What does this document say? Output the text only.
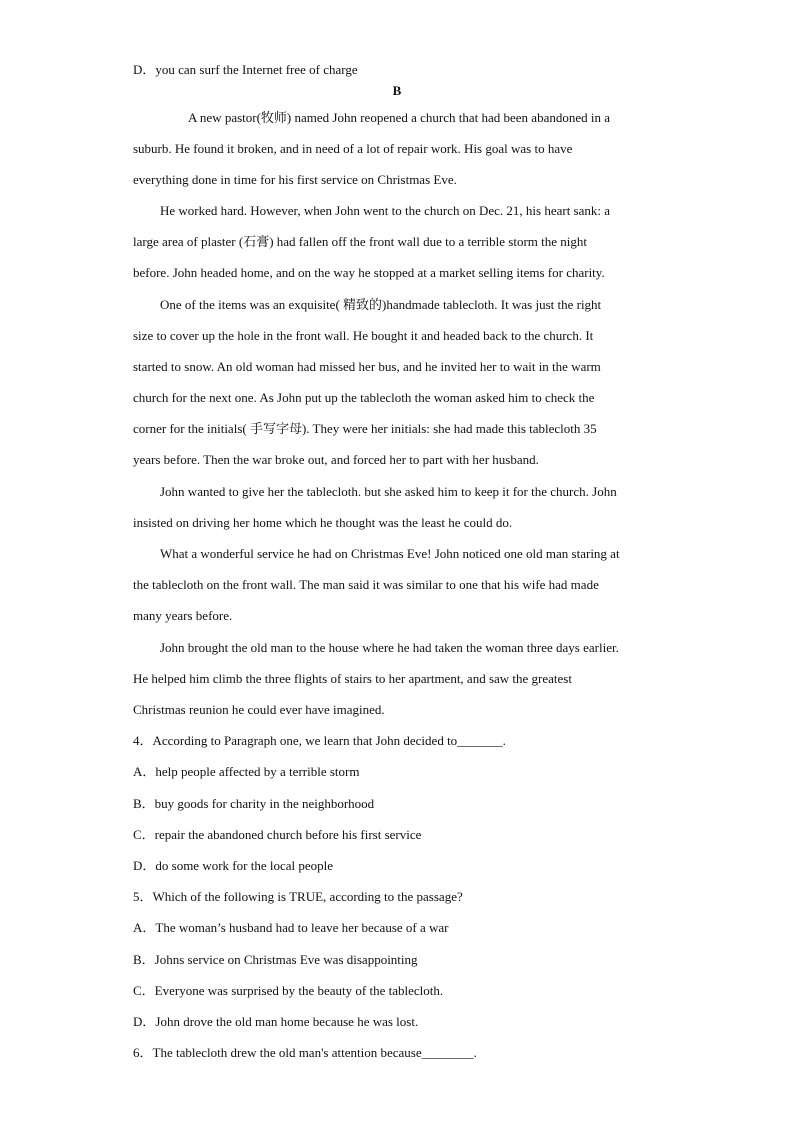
D．you can surf the Internet free of charge
B
A new pastor(牧师) named John reopened a church that had been abandoned in a
suburb. He found it broken, and in need of a lot of repair work. His goal was to have
everything done in time for his first service on Christmas Eve.
He worked hard. However, when John went to the church on Dec. 21, his heart sank: a
large area of plaster (石膏) had fallen off the front wall due to a terrible storm the night
before. John headed home, and on the way he stopped at a market selling items for charity.
One of the items was an exquisite( 精致的)handmade tablecloth. It was just the right
size to cover up the hole in the front wall. He bought it and headed back to the church. It
started to snow. An old woman had missed her bus, and he invited her to wait in the warm
church for the next one. As John put up the tablecloth the woman asked him to check the
corner for the initials( 手写字母). They were her initials: she had made this tablecloth 35
years before. Then the war broke out, and forced her to part with her husband.
John wanted to give her the tablecloth. but she asked him to keep it for the church. John
insisted on driving her home which he thought was the least he could do.
What a wonderful service he had on Christmas Eve! John noticed one old man staring at
the tablecloth on the front wall. The man said it was similar to one that his wife had made
many years before.
John brought the old man to the house where he had taken the woman three days earlier.
He helped him climb the three flights of stairs to her apartment, and saw the greatest
Christmas reunion he could ever have imagined.
4．According to Paragraph one, we learn that John decided to_______.
A．help people affected by a terrible storm
B．buy goods for charity in the neighborhood
C．repair the abandoned church before his first service
D．do some work for the local people
5．Which of the following is TRUE, according to the passage?
A．The woman’s husband had to leave her because of a war
B．Johns service on Christmas Eve was disappointing
C．Everyone was surprised by the beauty of the tablecloth.
D．John drove the old man home because he was lost.
6．The tablecloth drew the old man's attention because________.
